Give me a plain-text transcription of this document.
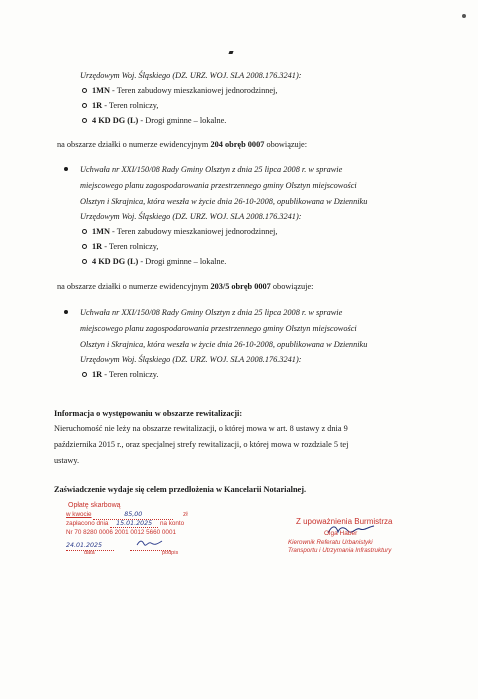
Urzędowym Woj. Śląskiego (DZ. URZ. WOJ. SLA 2008.176.3241):
1MN - Teren zabudowy mieszkaniowej jednorodzinnej,
1R - Teren rolniczy,
4 KD DG (L) - Drogi gminne – lokalne.
na obszarze działki o numerze ewidencyjnym 204 obręb 0007 obowiązuje:
Uchwała nr XXI/150/08 Rady Gminy Olsztyn z dnia 25 lipca 2008 r. w sprawie
miejscowego planu zagospodarowania przestrzennego gminy Olsztyn miejscowości
Olsztyn i Skrajnica, która weszła w życie dnia 26-10-2008, opublikowana w Dzienniku
Urzędowym Woj. Śląskiego (DZ. URZ. WOJ. SLA 2008.176.3241):
1MN - Teren zabudowy mieszkaniowej jednorodzinnej,
1R - Teren rolniczy,
4 KD DG (L) - Drogi gminne – lokalne.
na obszarze działki o numerze ewidencyjnym 203/5 obręb 0007 obowiązuje:
Uchwała nr XXI/150/08 Rady Gminy Olsztyn z dnia 25 lipca 2008 r. w sprawie
miejscowego planu zagospodarowania przestrzennego gminy Olsztyn miejscowości
Olsztyn i Skrajnica, która weszła w życie dnia 26-10-2008, opublikowana w Dzienniku
Urzędowym Woj. Śląskiego (DZ. URZ. WOJ. SLA 2008.176.3241):
1R - Teren rolniczy.
Informacja o występowaniu w obszarze rewitalizacji:
Nieruchomość nie leży na obszarze rewitalizacji, o której mowa w art. 8 ustawy z dnia 9
października 2015 r., oraz specjalnej strefy rewitalizacji, o której mowa w rozdziale 5 tej
ustawy.
Zaświadczenie wydaje się celem przedłożenia w Kancelarii Notarialnej.
Opłatę skarbową
w kwocie	85,00	zł
zapłacono dnia 15.01.2025 na konto
Nr 70 8280 0006 2001 0012 5660 0001
24.01.2025
data	podpis
Z upoważnienia Burmistrza
Olga Haber
Kierownik Referatu Urbanistyki
Transportu i Utrzymania Infrastruktury
